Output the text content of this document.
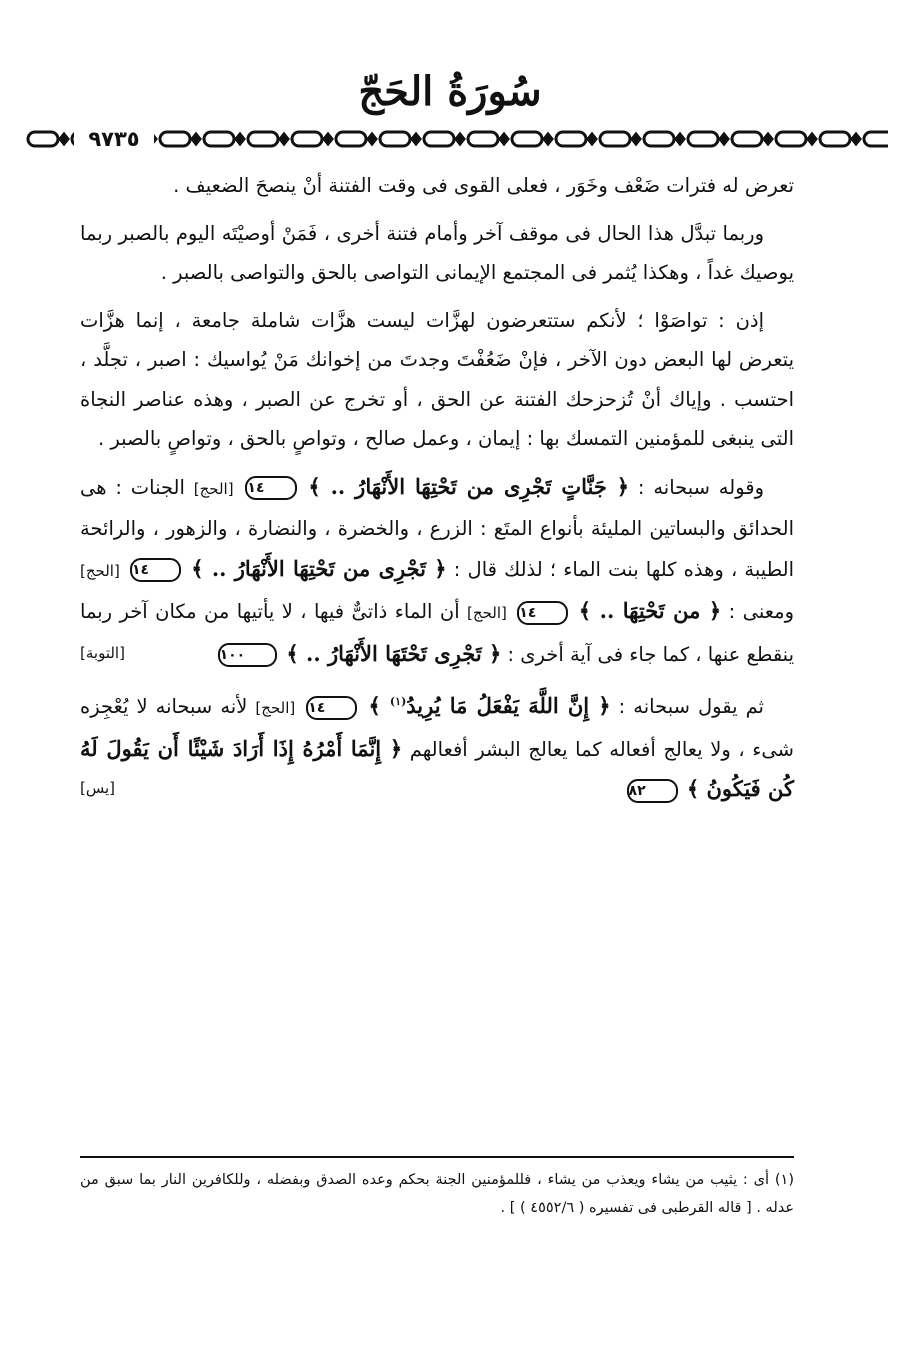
سُورَةُ الحَجّ
٩٧٣٥

تعرض له فترات ضَعْف وخَوَر ، فعلى القوى فى وقت الفتنة أنْ ينصحَ الضعيف .

وربما تبدَّل هذا الحال فى موقف آخر وأمام فتنة أخرى ، فَمَنْ أوصيْتَه اليوم بالصبر ربما يوصيك غداً ، وهكذا يُثمر فى المجتمع الإيمانى التواصى بالحق والتواصى بالصبر .

إذن : تواصَوْا ؛ لأنكم ستتعرضون لهزَّات ليست هزَّات شاملة جامعة ، إنما هزَّات يتعرض لها البعض دون الآخر ، فإنْ ضَعُفْتَ وجدتَ من إخوانك مَنْ يُواسيك : اصبر ، تجلَّد ، احتسب . وإياك أنْ تُزحزحك الفتنة عن الحق ، أو تخرج عن الصبر ، وهذه عناصر النجاة التى ينبغى للمؤمنين التمسك بها : إيمان ، وعمل صالح ، وتواصٍ بالحق ، وتواصٍ بالصبر .

وقوله سبحانه : ﴿ جَنَّاتٍ تَجْرِى من تَحْتِهَا الأَنْهَارُ .. ﴾ ١٤ [الحج] الجنات : هى الحدائق والبساتين المليئة بأنواع المتَع : الزرع ، والخضرة ، والنضارة ، والزهور ، والرائحة الطيبة ، وهذه كلها بنت الماء ؛ لذلك قال : ﴿ تَجْرِى من تَحْتِهَا الأَنْهَارُ .. ﴾ ١٤ [الحج] ومعنى : ﴿ من تَحْتِهَا .. ﴾ ١٤ [الحج] أن الماء ذاتىٌّ فيها ، لا يأتيها من مكان آخر ربما ينقطع عنها ، كما جاء فى آية أخرى : ﴿ تَجْرِى تَحْتَهَا الأَنْهَارُ .. ﴾ ١٠٠
[التوبة]

ثم يقول سبحانه : ﴿ إِنَّ اللَّهَ يَفْعَلُ مَا يُرِيدُ$^{(١)}$ ﴾ ١٤ [الحج] لأنه سبحانه لا يُعْجِزه شىء ، ولا يعالج أفعاله كما يعالج البشر أفعالهم ﴿ إِنَّمَا أَمْرُهُ إِذَا أَرَادَ شَيْئًا أَن يَقُولَ لَهُ كُن فَيَكُونُ ﴾ ٨٢
[يس]

(١) أى : يثيب من يشاء ويعذب من يشاء ، فللمؤمنين الجنة بحكم وعده الصدق وبفضله ، وللكافرين النار بما سبق من عدله . [ قاله القرطبى فى تفسيره ( ٤٥٥٢/٦ ) ] .
